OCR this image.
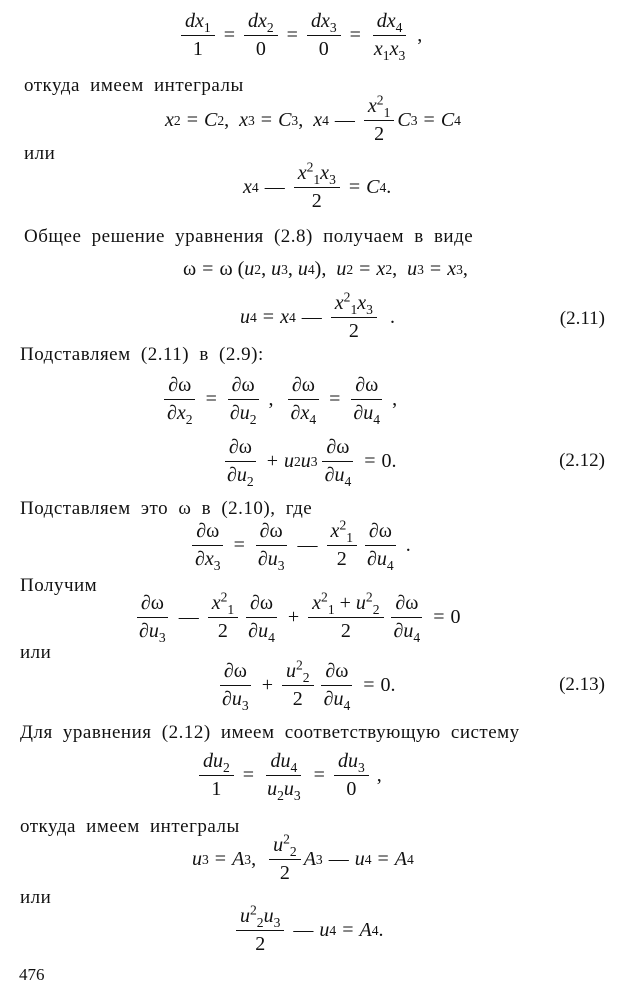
$\frac{dx_1}{1} = \frac{dx_2}{0} = \frac{dx_3}{0} = \frac{dx_4}{x_1x_3}$ ,
откуда имеем интегралы
x 2 = C 2 , x 3 = C 3 , x 4 — $\frac{x^2_1}{2}$ C 3 = C 4
или
x 4 — $\frac{x^2_1x_3}{2} = C$ 4 .
Общее решение уравнения (2.8) получаем в виде
ω = ω ( u 2 , u 3 , u 4 ), u 2 = x 2 , u 3 = x 3 ,
u 4 = x 4 — $\frac{x^2_1x_3}{2}$ .	(2.11)
Подставляем (2.11) в (2.9):
$\frac{\partial\omega}{\partial x_2} = \frac{\partial\omega}{\partial u_2}$ , $\frac{\partial\omega}{\partial x_4} = \frac{\partial\omega}{\partial u_4}$ ,
$\frac{\partial\omega}{\partial u_2} + u$ 2 u $3 \frac{\partial\omega}{\partial u_4} = 0$.	(2.12)
Подставляем это ω в (2.10), где
$\frac{\partial\omega}{\partial x_3} = \frac{\partial\omega}{\partial u_3}$ — $\frac{x^2_1}{2} \frac{\partial\omega}{\partial u_4}$ .
Получим
$\frac{\partial\omega}{\partial u_3}$ — $\frac{x^2_1}{2} \frac{\partial\omega}{\partial u_4} + \frac{x^2_1 + u^2_2}{2} \frac{\partial\omega}{\partial u_4} = 0$
или
$\frac{\partial\omega}{\partial u_3} + \frac{u^2_2}{2} \frac{\partial\omega}{\partial u_4} = 0$.	(2.13)
Для уравнения (2.12) имеем соответствующую систему
$\frac{du_2}{1} = \frac{du_4}{u_2u_3} = \frac{du_3}{0}$ ,
откуда имеем интегралы
u 3 = A 3 , $\frac{u^2_2}{2}$ A 3 — u 4 = A 4
или
$\frac{u^2_2u_3}{2}$ — u 4 = A 4 .
476
